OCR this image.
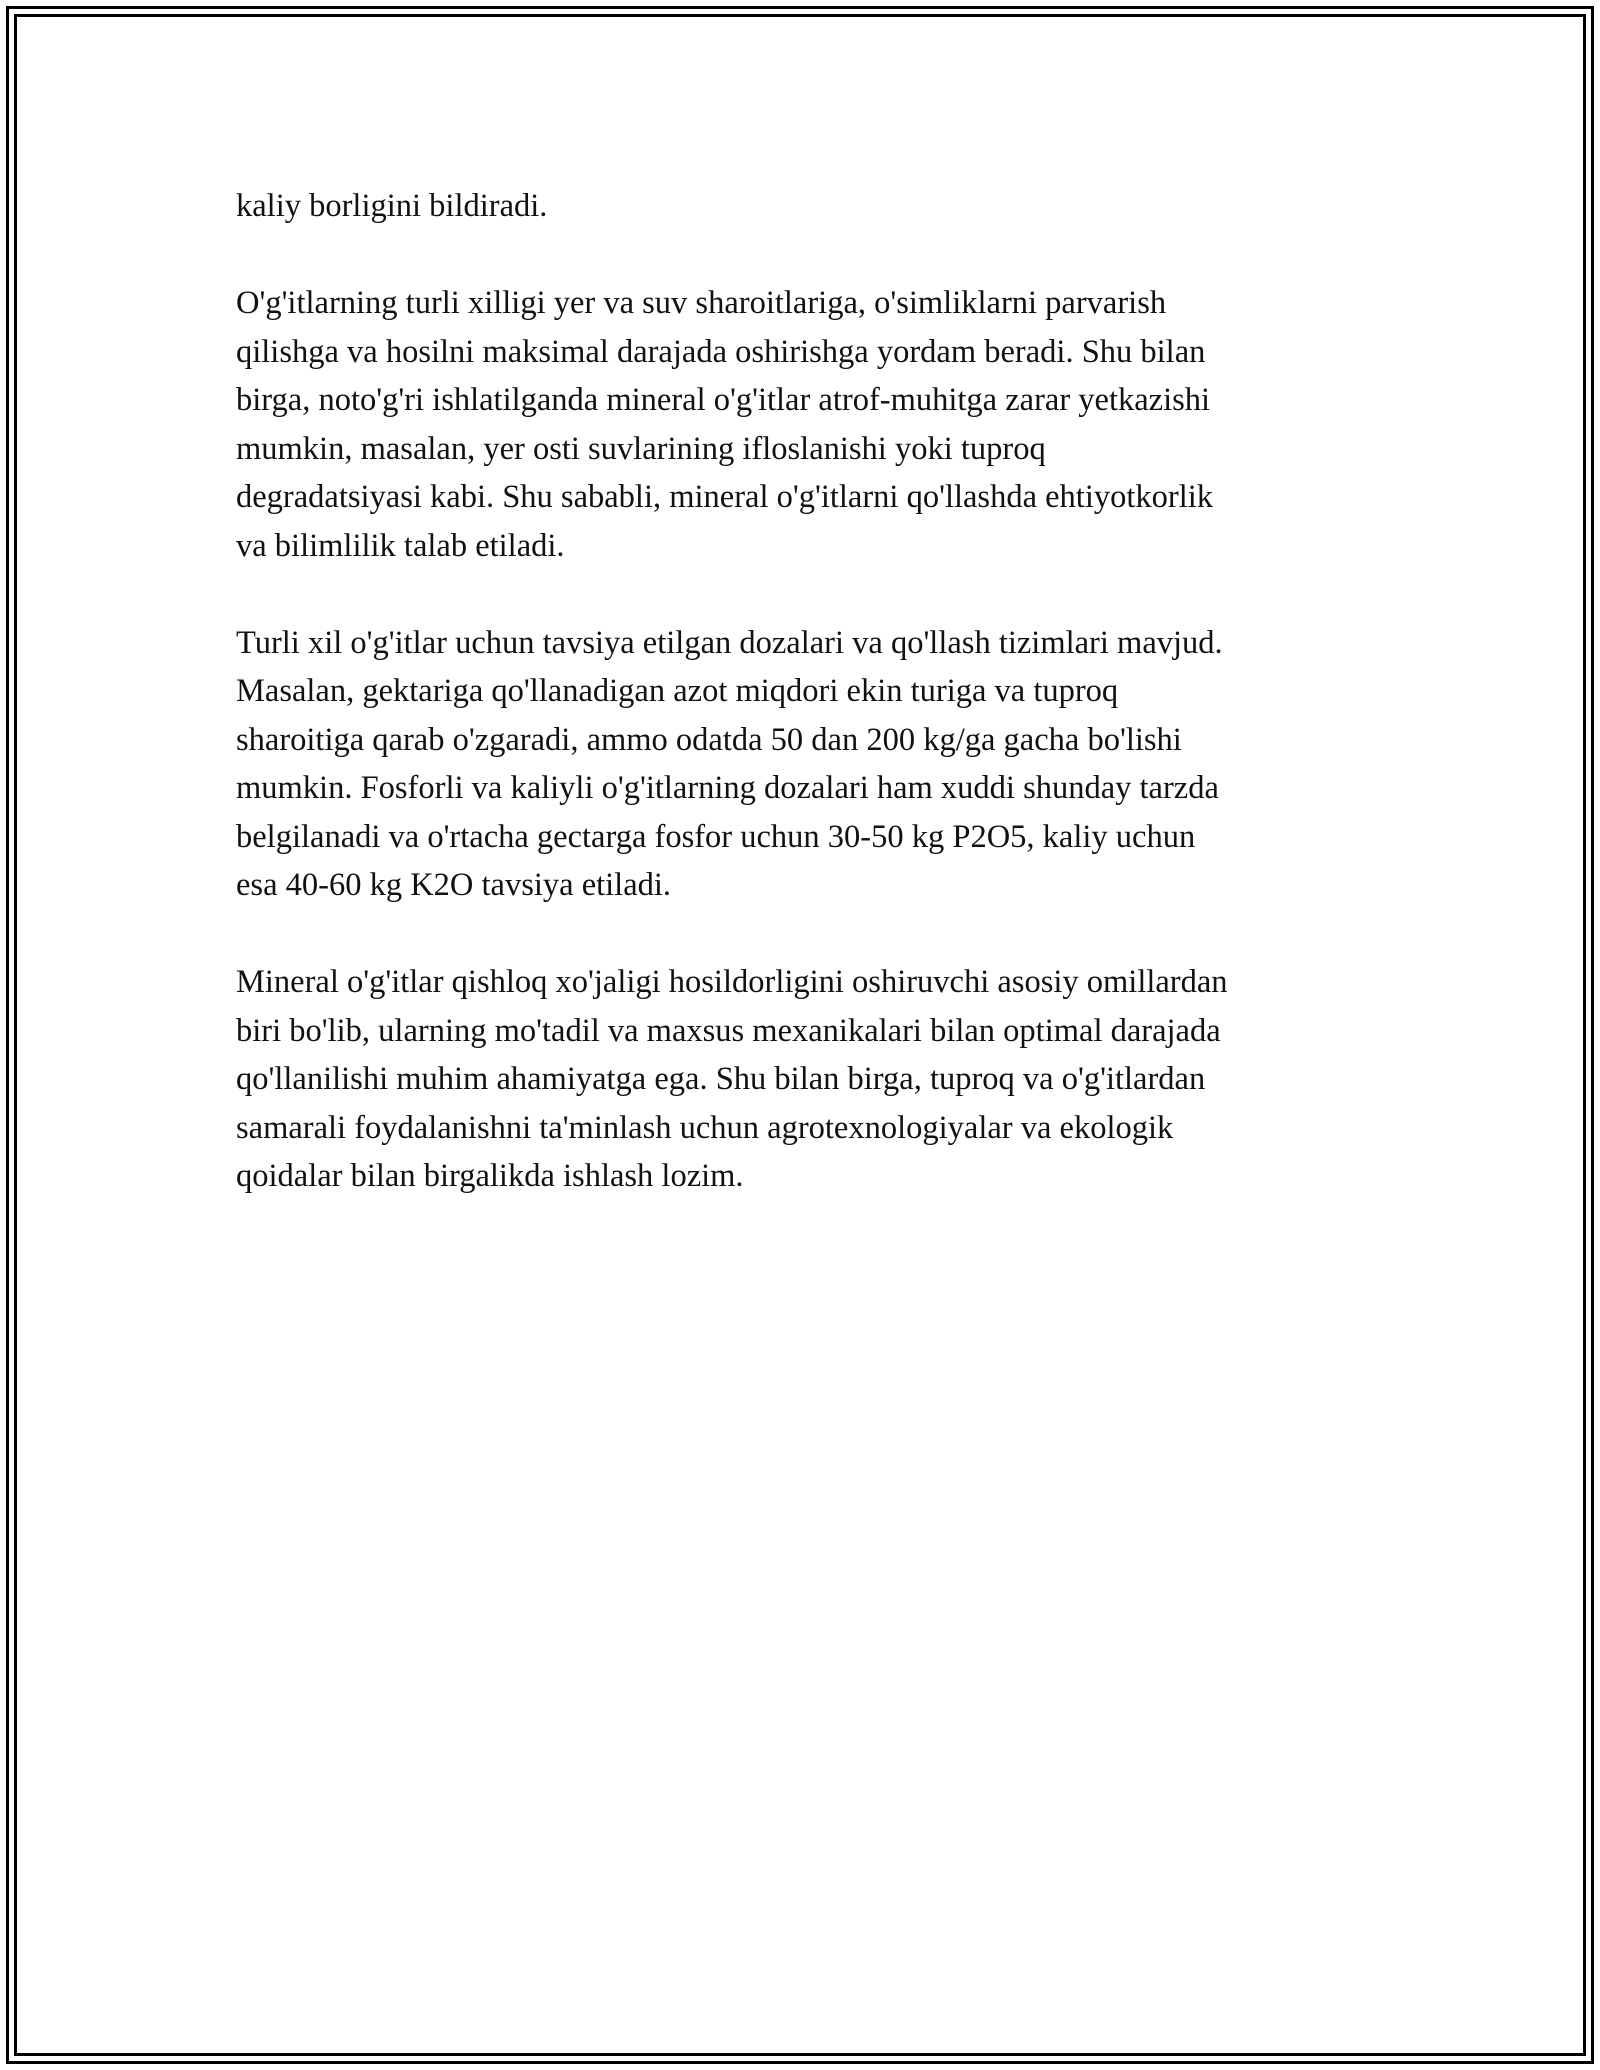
kaliy borligini bildiradi.

O'g'itlarning turli xilligi yer va suv sharoitlariga, o'simliklarni parvarish
qilishga va hosilni maksimal darajada oshirishga yordam beradi. Shu bilan
birga, noto'g'ri ishlatilganda mineral o'g'itlar atrof-muhitga zarar yetkazishi
mumkin, masalan, yer osti suvlarining ifloslanishi yoki tuproq
degradatsiyasi kabi. Shu sababli, mineral o'g'itlarni qo'llashda ehtiyotkorlik
va bilimlilik talab etiladi.

Turli xil o'g'itlar uchun tavsiya etilgan dozalari va qo'llash tizimlari mavjud.
Masalan, gektariga qo'llanadigan azot miqdori ekin turiga va tuproq
sharoitiga qarab o'zgaradi, ammo odatda 50 dan 200 kg/ga gacha bo'lishi
mumkin. Fosforli va kaliyli o'g'itlarning dozalari ham xuddi shunday tarzda
belgilanadi va o'rtacha gectarga fosfor uchun 30-50 kg P2O5, kaliy uchun
esa 40-60 kg K2O tavsiya etiladi.

Mineral o'g'itlar qishloq xo'jaligi hosildorligini oshiruvchi asosiy omillardan
biri bo'lib, ularning mo'tadil va maxsus mexanikalari bilan optimal darajada
qo'llanilishi muhim ahamiyatga ega. Shu bilan birga, tuproq va o'g'itlardan
samarali foydalanishni ta'minlash uchun agrotexnologiyalar va ekologik
qoidalar bilan birgalikda ishlash lozim.
